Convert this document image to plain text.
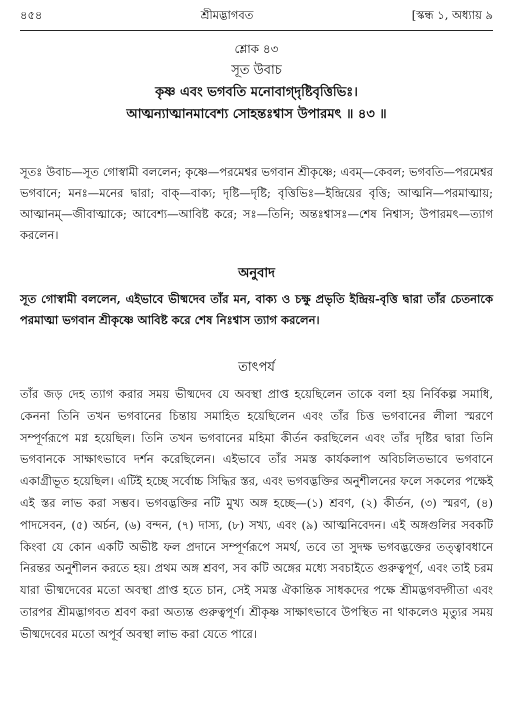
৪৫৪	শ্রীমদ্ভাগবত	[স্কন্ধ ১, অধ্যায় ৯
শ্লোক ৪৩
সূত উবাচ
কৃষ্ণ এবং ভগবতি মনোবাগ্‌দৃষ্টিবৃত্তিভিঃ।
আত্মন্যাত্মানমাবেশ্য সোহন্তঃশ্বাস উপারমৎ ॥ ৪৩ ॥

সূতঃ উবাচ—সূত গোস্বামী বললেন; কৃষ্ণে—পরমেশ্বর ভগবান শ্রীকৃষ্ণে; এবম্—কেবল; ভগবতি—পরমেশ্বর ভগবানে; মনঃ—মনের দ্বারা; বাক্—বাক্য; দৃষ্টি—দৃষ্টি; বৃত্তিভিঃ—ইন্দ্রিয়ের বৃত্তি; আত্মনি—পরমাত্মায়; আত্মানম্—জীবাত্মাকে; আবেশ্য—আবিষ্ট করে; সঃ—তিনি; অন্তঃশ্বাসঃ—শেষ নিশ্বাস; উপারমৎ—ত্যাগ করলেন।

অনুবাদ

সূত গোস্বামী বললেন, এইভাবে ভীষ্মদেব তাঁর মন, বাক্য ও চক্ষু প্রভৃতি ইন্দ্রিয়-বৃত্তি দ্বারা তাঁর চেতনাকে পরমাত্মা ভগবান শ্রীকৃষ্ণে আবিষ্ট করে শেষ নিঃশ্বাস ত্যাগ করলেন।

তাৎপর্য

তাঁর জড় দেহ ত্যাগ করার সময় ভীষ্মদেব যে অবস্থা প্রাপ্ত হয়েছিলেন তাকে বলা হয় নির্বিকল্প সমাধি, কেননা তিনি তখন ভগবানের চিন্তায় সমাহিত হয়েছিলেন এবং তাঁর চিত্ত ভগবানের লীলা স্মরণে সম্পূর্ণরূপে মগ্ন হয়েছিল। তিনি তখন ভগবানের মহিমা কীর্তন করছিলেন এবং তাঁর দৃষ্টির দ্বারা তিনি ভগবানকে সাক্ষাৎভাবে দর্শন করেছিলেন। এইভাবে তাঁর সমস্ত কার্যকলাপ অবিচলিতভাবে ভগবানে একাগ্রীভূত হয়েছিল। এটিই হচ্ছে সর্বোচ্চ সিদ্ধির স্তর, এবং ভগবদ্ভক্তির অনুশীলনের ফলে সকলের পক্ষেই এই স্তর লাভ করা সম্ভব। ভগবদ্ভক্তির নটি মুখ্য অঙ্গ হচ্ছে—(১) শ্রবণ, (২) কীর্তন, (৩) স্মরণ, (৪) পাদসেবন, (৫) অর্চন, (৬) বন্দন, (৭) দাস্য, (৮) সখ্য, এবং (৯) আত্মনিবেদন। এই অঙ্গগুলির সবকটি কিংবা যে কোন একটি অভীষ্ট ফল প্রদানে সম্পূর্ণরূপে সমর্থ, তবে তা সুদক্ষ ভগবদ্ভক্তের তত্ত্বাবধানে নিরন্তর অনুশীলন করতে হয়। প্রথম অঙ্গ শ্রবণ, সব কটি অঙ্গের মধ্যে সবচাইতে গুরুত্বপূর্ণ, এবং তাই চরম যারা ভীষ্মদেবের মতো অবস্থা প্রাপ্ত হতে চান, সেই সমস্ত ঐকান্তিক সাধকদের পক্ষে শ্রীমদ্ভগবদ্গীতা এবং তারপর শ্রীমদ্ভাগবত শ্রবণ করা অত্যন্ত গুরুত্বপূর্ণ। শ্রীকৃষ্ণ সাক্ষাৎভাবে উপস্থিত না থাকলেও মৃত্যুর সময় ভীষ্মদেবের মতো অপূর্ব অবস্থা লাভ করা যেতে পারে।
